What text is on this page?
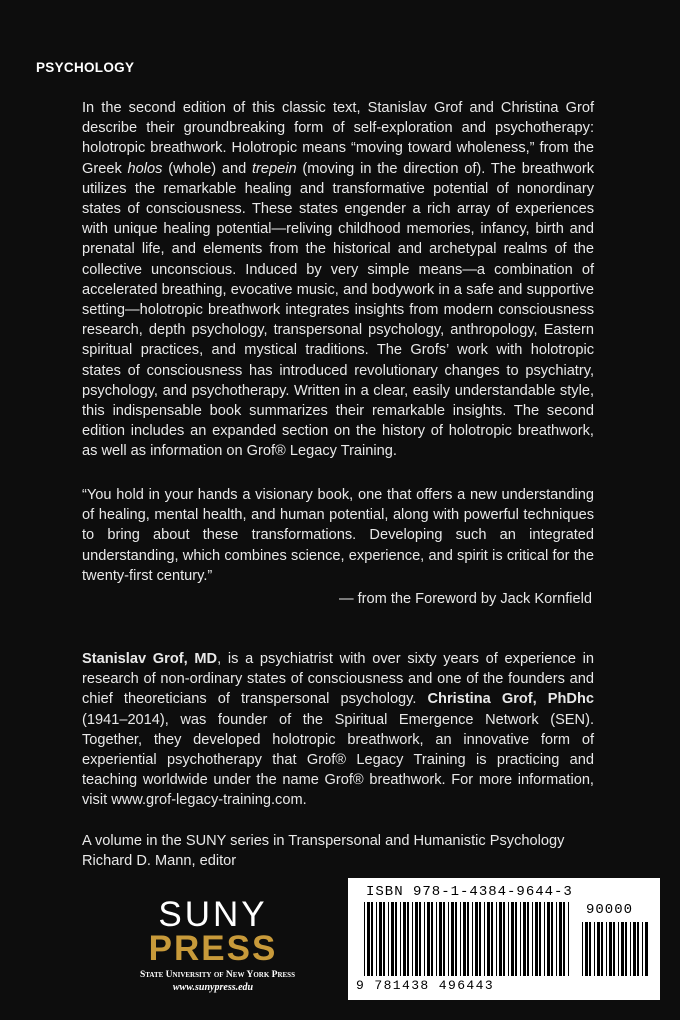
PSYCHOLOGY

In the second edition of this classic text, Stanislav Grof and Christina Grof describe their groundbreaking form of self-exploration and psychotherapy: holotropic breathwork. Holotropic means “moving toward wholeness,” from the Greek holos (whole) and trepein (moving in the direction of). The breathwork utilizes the remarkable healing and transformative potential of nonordinary states of consciousness. These states engender a rich array of experiences with unique healing potential—reliving childhood memories, infancy, birth and prenatal life, and elements from the historical and archetypal realms of the collective unconscious. Induced by very simple means—a combination of accelerated breathing, evocative music, and bodywork in a safe and supportive setting—holotropic breathwork integrates insights from modern consciousness research, depth psychology, transpersonal psychology, anthropology, Eastern spiritual practices, and mystical traditions. The Grofs’ work with holotropic states of consciousness has introduced revolutionary changes to psychiatry, psychology, and psychotherapy. Written in a clear, easily understandable style, this indispensable book summarizes their remarkable insights. The second edition includes an expanded section on the history of holotropic breathwork, as well as information on Grof® Legacy Training.

“You hold in your hands a visionary book, one that offers a new understanding of healing, mental health, and human potential, along with powerful techniques to bring about these transformations. Developing such an integrated understanding, which combines science, experience, and spirit is critical for the twenty-first century.”

— from the Foreword by Jack Kornfield

Stanislav Grof, MD, is a psychiatrist with over sixty years of experience in research of non-ordinary states of consciousness and one of the founders and chief theoreticians of transpersonal psychology. Christina Grof, PhDhc (1941–2014), was founder of the Spiritual Emergence Network (SEN). Together, they developed holotropic breathwork, an innovative form of experiential psychotherapy that Grof® Legacy Training is practicing and teaching worldwide under the name Grof® breathwork. For more information, visit www.grof-legacy-training.com.

A volume in the SUNY series in Transpersonal and Humanistic Psychology
Richard D. Mann, editor
SUNY
PRESS
State University of New York Press
www.sunypress.edu
ISBN 978-1-4384-9644-3
90000
9 781438 496443
